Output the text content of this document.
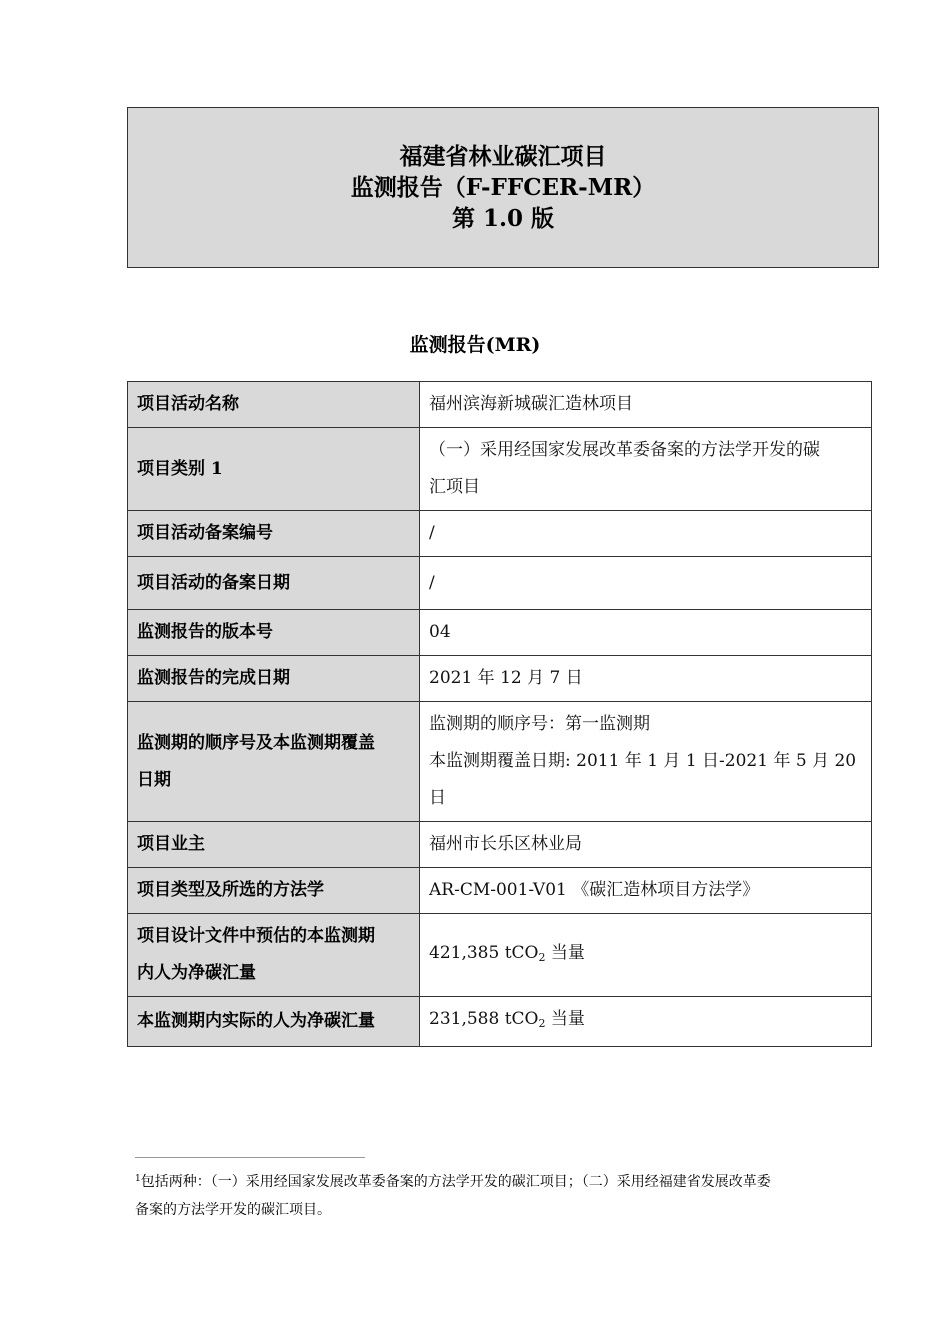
福建省林业碳汇项目
监测报告（F-FFCER-MR）
第 1.0 版
监测报告(MR)
项目活动名称	福州滨海新城碳汇造林项目
项目类别 1	（一）采用经国家发展改革委备案的方法学开发的碳
汇项目

项目活动备案编号	/
项目活动的备案日期	/
监测报告的版本号	04
监测报告的完成日期	2021 年 12 月 7 日

监测期的顺序号及本监测期覆盖
日期	监测期的顺序号：第一监测期
本监测期覆盖日期: 2011 年 1 月 1 日-2021 年 5 月 20
日

项目业主	福州市长乐区林业局
项目类型及所选的方法学	AR-CM-001-V01 《碳汇造林项目方法学》

项目设计文件中预估的本监测期
内人为净碳汇量	421,385 tCO$_2$ 当量
本监测期内实际的人为净碳汇量	231,588 tCO$_2$ 当量
$^1$包括两种：（一）采用经国家发展改革委备案的方法学开发的碳汇项目；（二）采用经福建省发展改革委
备案的方法学开发的碳汇项目。
